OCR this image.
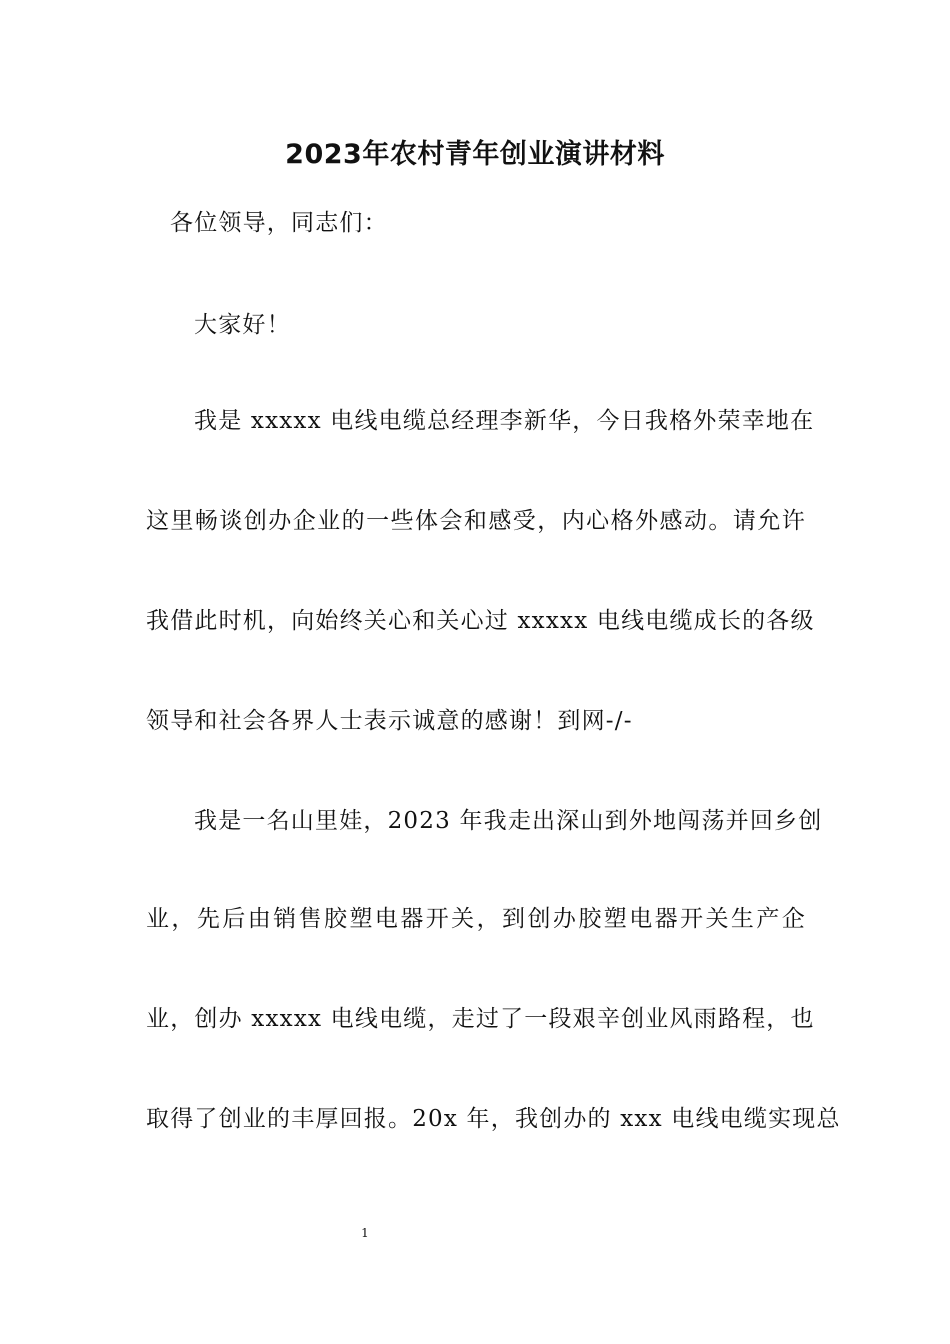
2023年农村青年创业演讲材料
各位领导，同志们：
大家好！
我是 xxxxx 电线电缆总经理李新华，今日我格外荣幸地在
这里畅谈创办企业的一些体会和感受，内心格外感动。请允许
我借此时机，向始终关心和关心过 xxxxx 电线电缆成长的各级
领导和社会各界人士表示诚意的感谢！到网-/-
我是一名山里娃，2023 年我走出深山到外地闯荡并回乡创
业，先后由销售胶塑电器开关，到创办胶塑电器开关生产企
业，创办 xxxxx 电线电缆，走过了一段艰辛创业风雨路程，也
取得了创业的丰厚回报。20x 年，我创办的 xxx 电线电缆实现总
1
